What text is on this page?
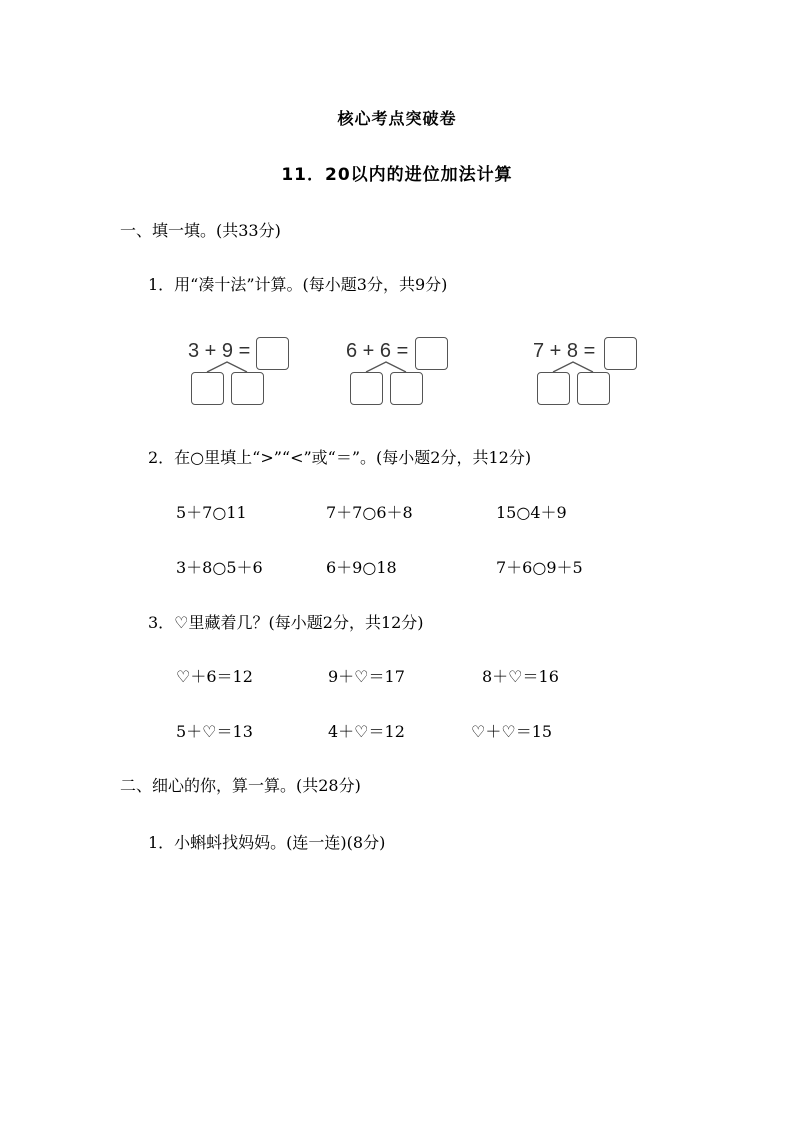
核心考点突破卷
11．20以内的进位加法计算
一、填一填。(共33分)
1．用“凑十法”计算。(每小题3分，共9分)
3 + 9 =	6 + 6 =	7 + 8 =
2．在○里填上“>”“<”或“＝”。(每小题2分，共12分)
5＋7○11	7＋7○6＋8	15○4＋9
3＋8○5＋6	6＋9○18	7＋6○9＋5
3．♡里藏着几？(每小题2分，共12分)
♡＋6＝12	9＋♡＝17	8＋♡＝16
5＋♡＝13	4＋♡＝12	♡＋♡＝15
二、细心的你，算一算。(共28分)
1．小蝌蚪找妈妈。(连一连)(8分)
